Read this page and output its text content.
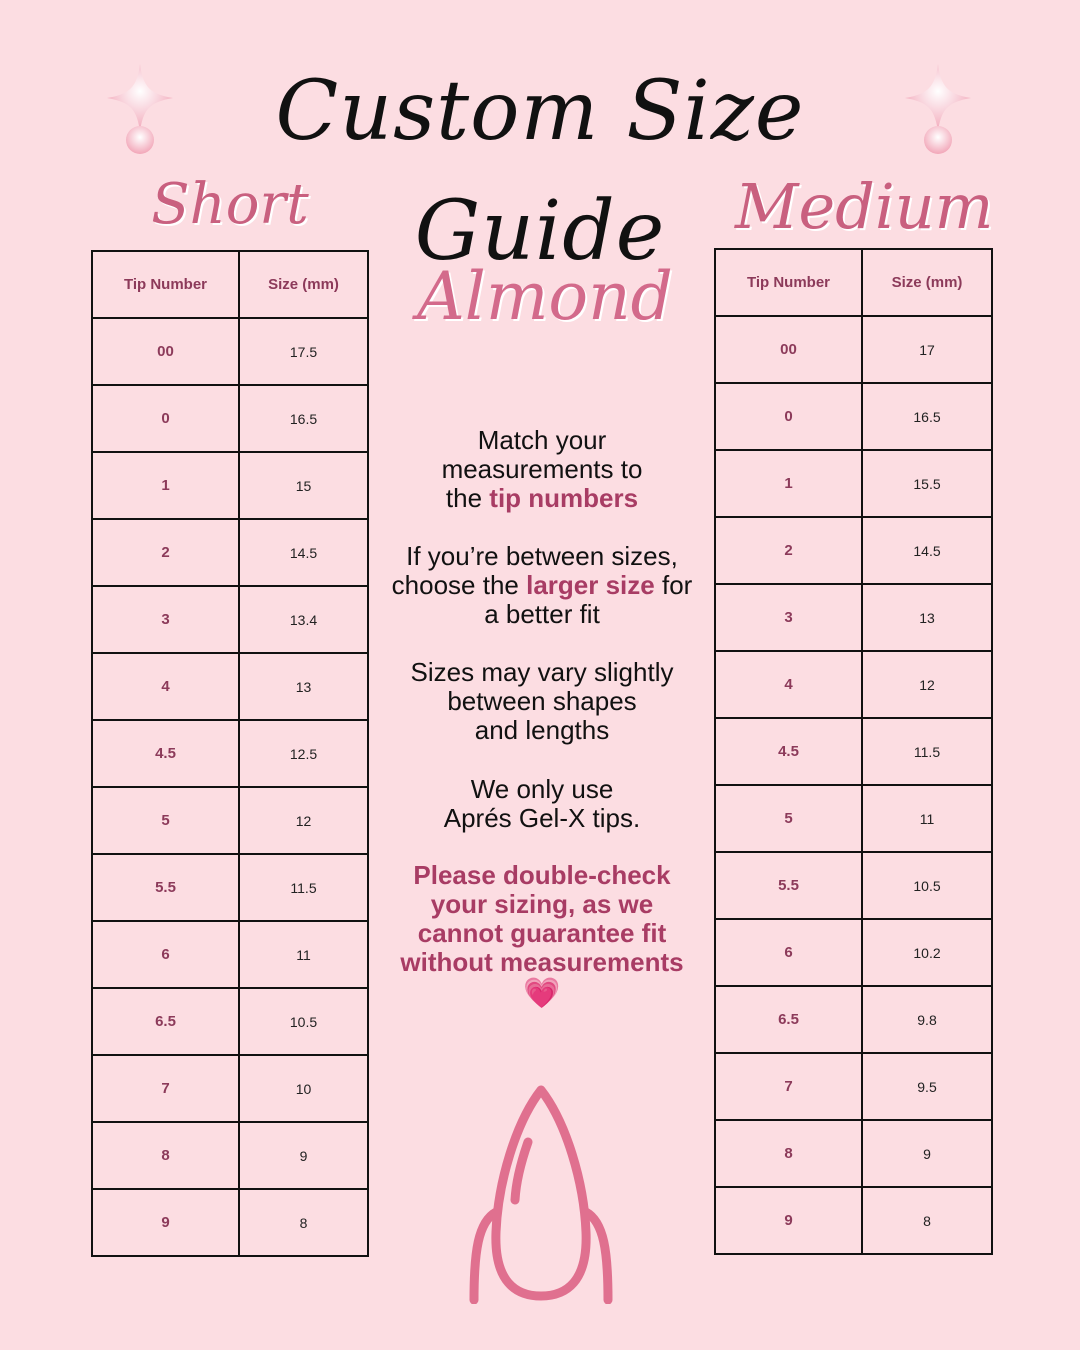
Custom Size Guide
Short	Medium
Almond
Tip Number	Size (mm)
00	17.5
0	16.5
1	15
2	14.5
3	13.4
4	13
4.5	12.5
5	12
5.5	11.5
6	11
6.5	10.5
7	10
8	9
9	8
Tip Number	Size (mm)
00	17
0	16.5
1	15.5
2	14.5
3	13
4	12
4.5	11.5
5	11
5.5	10.5
6	10.2
6.5	9.8
7	9.5
8	9
9	8
Match your
measurements to
the tip numbers
If you’re between sizes,
choose the larger size for
a better fit
Sizes may vary slightly
between shapes
and lengths
We only use
Aprés Gel-X tips.
Please double-check
your sizing, as we
cannot guarantee fit
without measurements
💗
